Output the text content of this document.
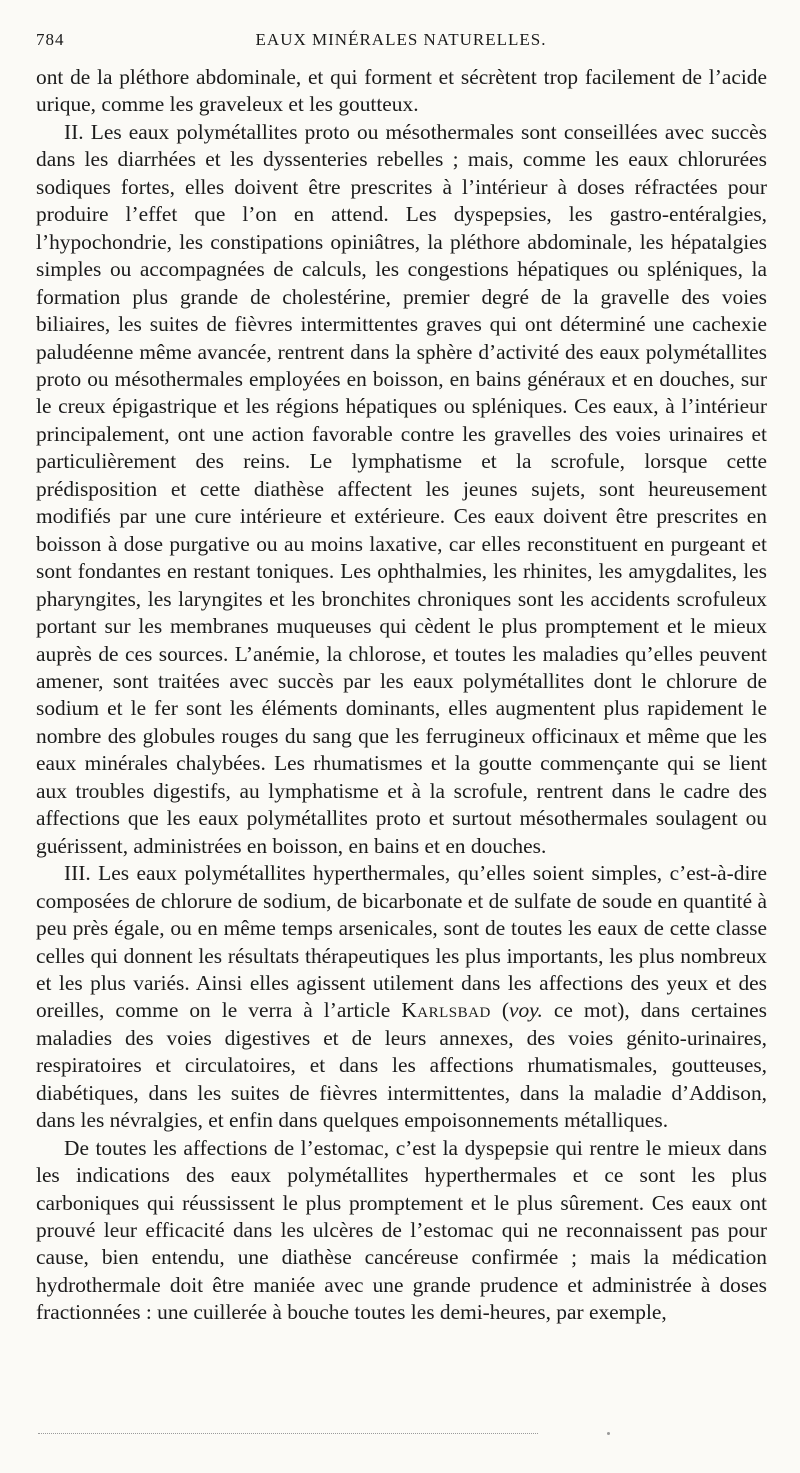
784	EAUX MINÉRALES NATURELLES.

ont de la pléthore abdominale, et qui forment et sécrètent trop facilement de l’acide urique, comme les graveleux et les goutteux.

II. Les eaux polymétallites proto ou mésothermales sont conseillées avec succès dans les diarrhées et les dyssenteries rebelles ; mais, comme les eaux chlorurées sodiques fortes, elles doivent être prescrites à l’intérieur à doses réfractées pour produire l’effet que l’on en attend. Les dyspepsies, les gastro-entéralgies, l’hypochondrie, les constipations opiniâtres, la pléthore abdominale, les hépatalgies simples ou accompagnées de calculs, les congestions hépatiques ou spléniques, la formation plus grande de cholestérine, premier degré de la gravelle des voies biliaires, les suites de fièvres intermittentes graves qui ont déterminé une cachexie paludéenne même avancée, rentrent dans la sphère d’activité des eaux polymétallites proto ou mésothermales employées en boisson, en bains généraux et en douches, sur le creux épigastrique et les régions hépatiques ou spléniques. Ces eaux, à l’intérieur principalement, ont une action favorable contre les gravelles des voies urinaires et particulièrement des reins. Le lymphatisme et la scrofule, lorsque cette prédisposition et cette diathèse affectent les jeunes sujets, sont heureusement modifiés par une cure intérieure et extérieure. Ces eaux doivent être prescrites en boisson à dose purgative ou au moins laxative, car elles reconstituent en purgeant et sont fondantes en restant toniques. Les ophthalmies, les rhinites, les amygdalites, les pharyngites, les laryngites et les bronchites chroniques sont les accidents scrofuleux portant sur les membranes muqueuses qui cèdent le plus promptement et le mieux auprès de ces sources. L’anémie, la chlorose, et toutes les maladies qu’elles peuvent amener, sont traitées avec succès par les eaux polymétallites dont le chlorure de sodium et le fer sont les éléments dominants, elles augmentent plus rapidement le nombre des globules rouges du sang que les ferrugineux officinaux et même que les eaux minérales chalybées. Les rhumatismes et la goutte commençante qui se lient aux troubles digestifs, au lymphatisme et à la scrofule, rentrent dans le cadre des affections que les eaux polymétallites proto et surtout mésothermales soulagent ou guérissent, administrées en boisson, en bains et en douches.

III. Les eaux polymétallites hyperthermales, qu’elles soient simples, c’est-à-dire composées de chlorure de sodium, de bicarbonate et de sulfate de soude en quantité à peu près égale, ou en même temps arsenicales, sont de toutes les eaux de cette classe celles qui donnent les résultats thérapeutiques les plus importants, les plus nombreux et les plus variés. Ainsi elles agissent utilement dans les affections des yeux et des oreilles, comme on le verra à l’article Karlsbad (voy. ce mot), dans certaines maladies des voies digestives et de leurs annexes, des voies génito-urinaires, respiratoires et circulatoires, et dans les affections rhumatismales, goutteuses, diabétiques, dans les suites de fièvres intermittentes, dans la maladie d’Addison, dans les névralgies, et enfin dans quelques empoisonnements métalliques.

De toutes les affections de l’estomac, c’est la dyspepsie qui rentre le mieux dans les indications des eaux polymétallites hyperthermales et ce sont les plus carboniques qui réussissent le plus promptement et le plus sûrement. Ces eaux ont prouvé leur efficacité dans les ulcères de l’estomac qui ne reconnaissent pas pour cause, bien entendu, une diathèse cancéreuse confirmée ; mais la médication hydrothermale doit être maniée avec une grande prudence et administrée à doses fractionnées : une cuillerée à bouche toutes les demi-heures, par exemple,
